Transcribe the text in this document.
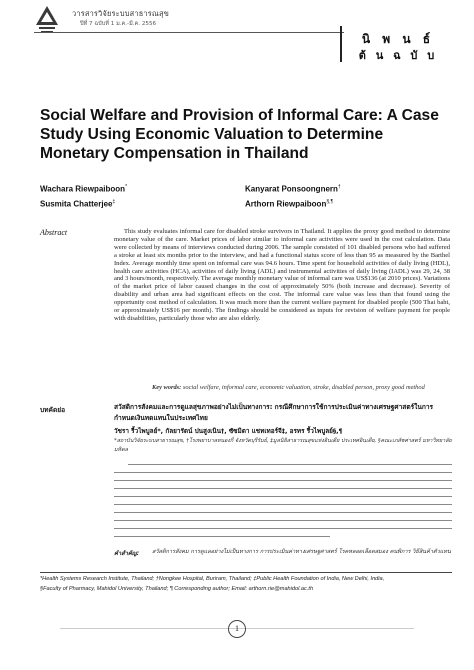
วารสารวิจัยระบบสาธารณสุข
ปีที่ 7 ฉบับที่ 1 ม.ค.-มี.ค. 2556
นิ พ น ธ์
ต้ น ฉ บั บ
Social Welfare and Provision of Informal Care: A Case Study Using Economic Valuation to Determine Monetary Compensation in Thailand
Wachara Riewpaiboon*	Kanyarat Ponsoongnern†
Susmita Chatterjee‡	Arthorn Riewpaiboon§,¶
Abstract	This study evaluates informal care for disabled stroke survivors in Thailand. It applies the proxy good method to determine monetary value of the care. Market prices of labor similar to informal care activities were used in the cost calculation. Data were collected by means of interviews conducted during 2006. The sample consisted of 101 disabled persons who had suffered a stroke at least six months prior to the interview, and had a functional status score of less than 95 as measured by the Barthel Index. Average monthly time spent on informal care was 94.6 hours. Time spent for household activities of daily living (HDL), health care activities (HCA), activities of daily living (ADL) and instrumental activities of daily living (IADL) was 29, 24, 38 and 3 hours/month, respectively. The average monthly monetary value of informal care was US$136 (at 2010 prices). Variations of the market price of labor caused changes in the cost of approximately 50% (both increase and decrease). Severity of disability and urban area had significant effects on the cost. The informal care value was less than that found using the opportunity cost method of calculation. It was much more than the current welfare payment for disabled people (500 Thai baht, or approximately US$16 per month). The findings should be considered as inputs for revision of welfare payment for people with disabilities, particularly those who are also elderly.

Key words: social welfare, informal care, economic valuation, stroke, disabled person, proxy good method
บทคัดย่อ	สวัสดิการสังคมและการดูแลสุขภาพอย่างไม่เป็นทางการ: กรณีศึกษาการใช้การประเมินค่าทางเศรษฐศาสตร์ในการกำหนดเงินทดแทนในประเทศไทย
วัชรา รี้วไพบูลย์*, กัลยารัตน์ ปนสูงเนิน†, ซัซมิตา แชทเทอร์จี‡, อรทร รี้วไพบูลย์§,¶
*สถาบันวิจัยระบบสาธารณสุข, †โรงพยาบาลหนองกี่ จังหวัดบุรีรัมย์, ‡มูลนิธิสาธารณสุขแห่งอินเดีย ประเทศอินเดีย, §คณะเภสัชศาสตร์ มหาวิทยาลัยมหิดล
คำสำคัญ: สวัสดิการสังคม การดูแลอย่างไม่เป็นทางการ การประเมินค่าทางเศรษฐศาสตร์ โรคหลอดเลือดสมอง คนพิการ วิธีสินค้าตัวแทน
*Health Systems Research Institute, Thailand; †Nongkee Hospital, Buriram, Thailand; ‡Public Health Foundation of India, New Delhi, India,
§Faculty of Pharmacy, Mahidol University, Thailand; ¶ Corresponding author; Email: arthorn.rie@mahidol.ac.th
1
